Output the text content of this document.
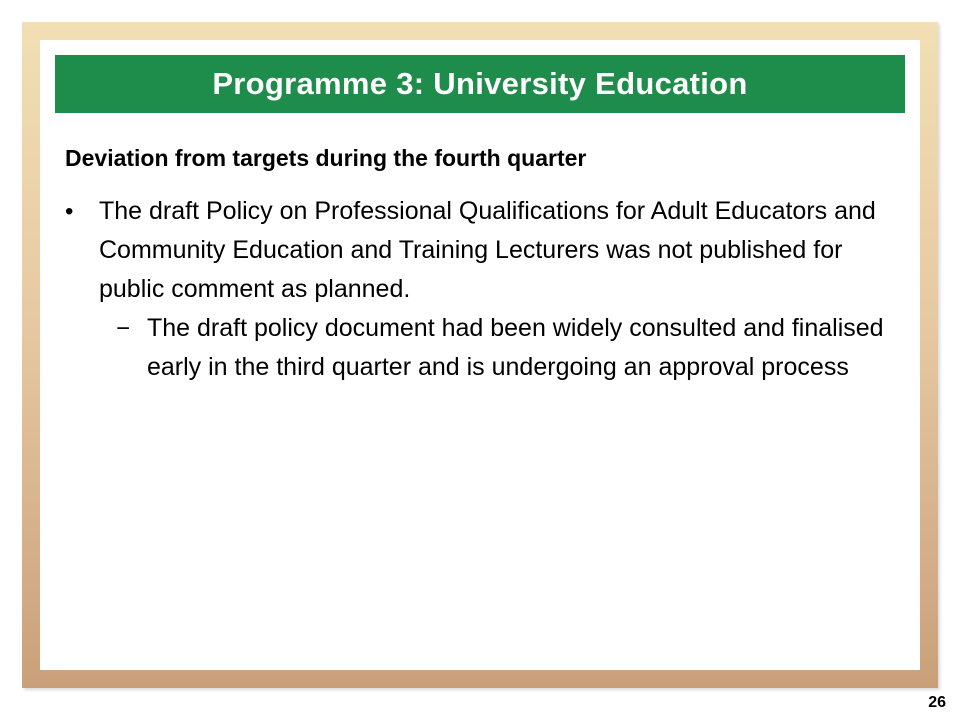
Programme 3: University Education

Deviation from targets during the fourth quarter

•	The draft Policy on Professional Qualifications for Adult Educators and Community Education and Training Lecturers was not published for public comment as planned.
− The draft policy document had been widely consulted and finalised early in the third quarter and is undergoing an approval process
26
